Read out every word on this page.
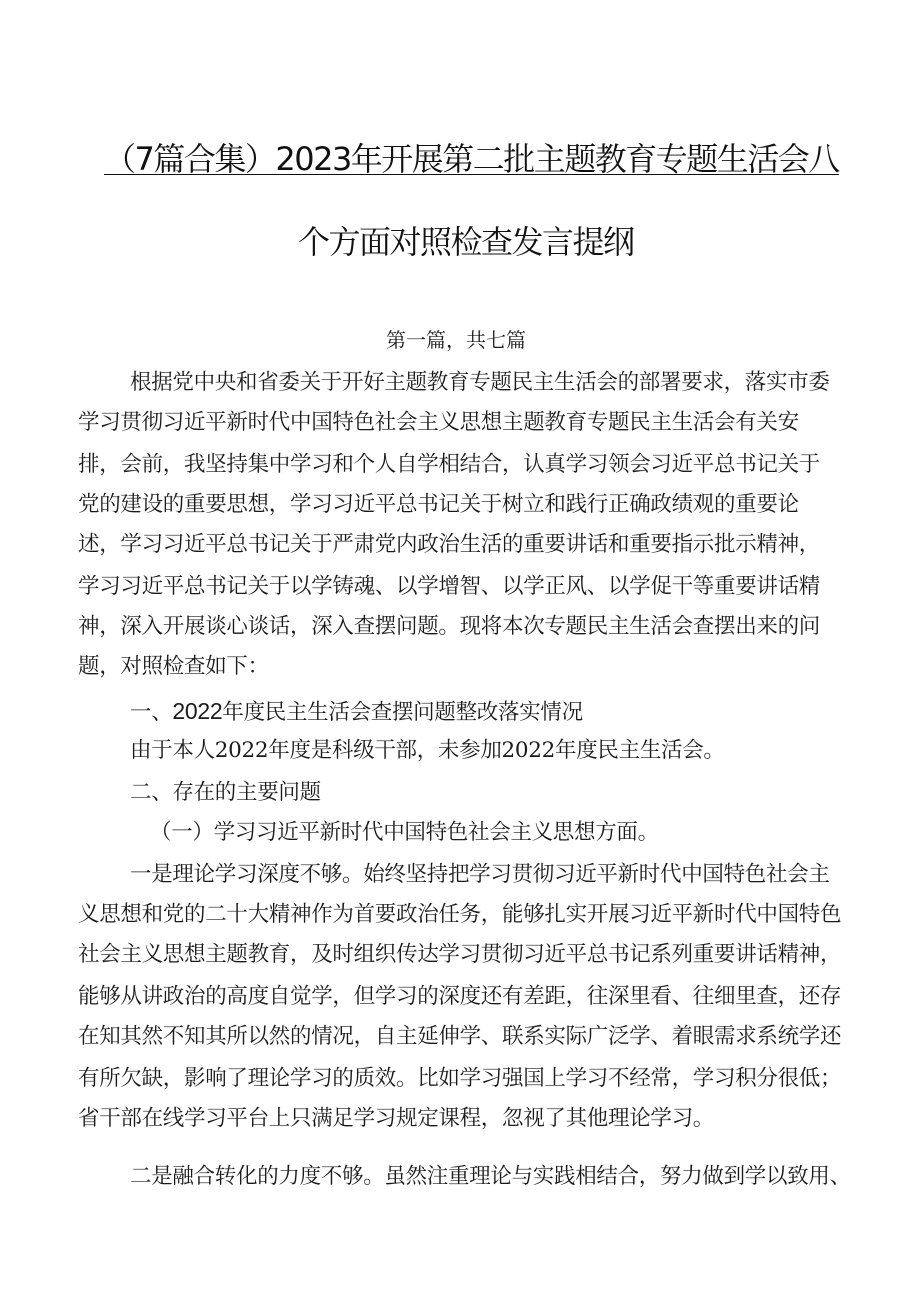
（7篇合集）2023年开展第二批主题教育专题生活会八
个方面对照检查发言提纲
第一篇，共七篇
根据党中央和省委关于开好主题教育专题民主生活会的部署要求，落实市委
学习贯彻习近平新时代中国特色社会主义思想主题教育专题民主生活会有关安
排，会前，我坚持集中学习和个人自学相结合，认真学习领会习近平总书记关于
党的建设的重要思想，学习习近平总书记关于树立和践行正确政绩观的重要论
述，学习习近平总书记关于严肃党内政治生活的重要讲话和重要指示批示精神，
学习习近平总书记关于以学铸魂、以学增智、以学正风、以学促干等重要讲话精
神，深入开展谈心谈话，深入查摆问题。现将本次专题民主生活会查摆出来的问
题，对照检查如下：
一、2022年度民主生活会查摆问题整改落实情况
由于本人2022年度是科级干部，未参加2022年度民主生活会。
二、存在的主要问题
（一）学习习近平新时代中国特色社会主义思想方面。
一是理论学习深度不够。始终坚持把学习贯彻习近平新时代中国特色社会主
义思想和党的二十大精神作为首要政治任务，能够扎实开展习近平新时代中国特色
社会主义思想主题教育，及时组织传达学习贯彻习近平总书记系列重要讲话精神，
能够从讲政治的高度自觉学，但学习的深度还有差距，往深里看、往细里查，还存
在知其然不知其所以然的情况，自主延伸学、联系实际广泛学、着眼需求系统学还
有所欠缺，影响了理论学习的质效。比如学习强国上学习不经常，学习积分很低；
省干部在线学习平台上只满足学习规定课程，忽视了其他理论学习。
二是融合转化的力度不够。虽然注重理论与实践相结合，努力做到学以致用、
